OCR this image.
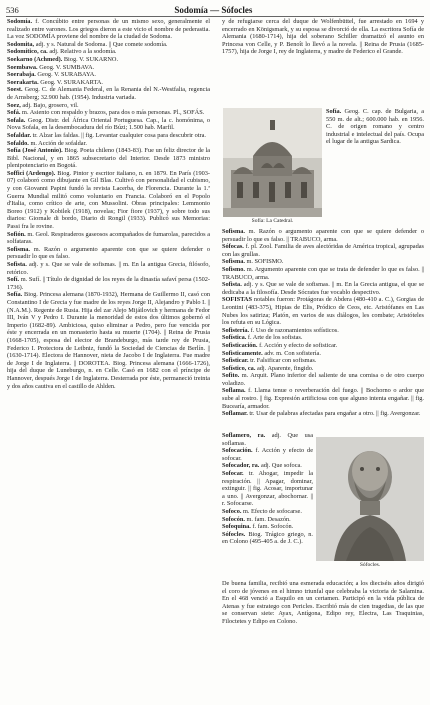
536	Sodomía — Sófocles

Sodomía. f. Concúbito entre personas de un mismo sexo, generalmente el realizado entre varones. Los griegos dieron a este vicio el nombre de pederastia. La voz SODOMÍA proviene del nombre de la ciudad de Sodoma.

Sodomita, adj. y s. Natural de Sodoma. || Que comete sodomía.

Sodomítico, ca. adj. Relativo a la sodomía.

Soekarno (Achmed). Biog. V. SUKARNO.

Soembawa. Geog. V. SUMBAVA.

Soerabaja. Geog. V. SURABAYA.

Soerakarta. Geog. V. SURAKARTA.

Soest. Geog. C. de Alemania Federal, en la Renania del N.-Westfalia, regencia de Arnsberg; 32.900 hab. (1954). Industria variada.

Soez, adj. Bajo, grosero, vil.

Sofá. m. Asiento con respaldo y brazos, para dos o más personas. Pl., SOFÁS.

Sofala. Geog. Distr. del África Oriental Portuguesa. Cap., la c. homónima, o Nova Sofala, en la desembocadura del río Búzi; 1.500 hab. Marfil.

Sofaldar. tr. Alzar las faldas. || fig. Levantar cualquier cosa para descubrir otra.

Sofaldo. m. Acción de sofaldar.

Sofía (José Antonio). Biog. Poeta chileno (1843-83). Fue un feliz director de la Bibl. Nacional, y en 1865 subsecretario del Interior. Desde 1873 ministro plenipotenciario en Bogotá.

Soffici (Ardengo). Biog. Pintor y escritor italiano, n. en 1879. En París (1903-07) colaboró como dibujante en Gil Blas. Cultivó con personalidad el cubismo, y con Giovanni Papini fundó la revista Lacerba, de Florencia. Durante la 1.ª Guerra Mundial militó como voluntario en Francia. Colaboró en el Popolo d'Italia, como crítico de arte, con Mussolini. Obras principales: Lemmonio Boreo (1912) y Kobilek (1918), novelas; Fior fiore (1937), y sobre todo sus diarios: Giornale di bordo, Diario di Rongil (1933). Publicó sus Memorias: Passi fra le rovine.

Sofión. m. Geol. Respiraderos gaseosos acompañados de fumarolas, parecidos a solfataras.

Sofisma. m. Razón o argumento aparente con que se quiere defender o persuadir lo que es falso.

Sofista. adj. y s. Que se vale de sofismas. || m. En la antigua Grecia, filósofo, retórico.

Sofí. m. Sufí. || Título de dignidad de los reyes de la dinastía safaví persa (1502-1736).

Sofía. Biog. Princesa alemana (1870-1932), Hermana de Guillermo II, casó con Constantino I de Grecia y fue madre de los reyes Jorge II, Alejandro y Pablo I. || (N.A.M.). Regente de Rusia. Hija del zar Alejo Mijáilovich y hermana de Fedor III, Iván V y Pedro I. Durante la menoridad de estos dos últimos gobernó el Imperio (1682-89). Ambiciosa, quiso eliminar a Pedro, pero fue vencida por éste y encerrada en un monasterio hasta su muerte (1704). || Reina de Prusia (1668-1705), esposa del elector de Brandeburgo, más tarde rey de Prusia, Federico I. Protectora de Leibniz, fundó la Sociedad de Ciencias de Berlín. || (1630-1714). Electora de Hannover, nieta de Jacobo I de Inglaterra. Fue madre de Jorge I de Inglaterra. || DOROTEA. Biog. Princesa alemana (1666-1726), hija del duque de Luneburgo, n. en Celle. Casó en 1682 con el príncipe de Hannover, después Jorge I de Inglaterra. Desterrada por éste, permaneció treinta y dos años cautiva en el castillo de Ahlden.

y de refugiarse cerca del duque de Wolfenbüttel, fue arrestado en 1694 y encerrado en Königsmark, y su esposa se divorció de ella. La escritora Sofía de Alemania (1680-1714), hija del soberano Schiller dramatizó el asunto en Princesa von Celle, y P. Benoît lo llevó a la novela. || Reina de Prusia (1685-1757), hija de Jorge I, rey de Inglaterra, y madre de Federico el Grande.

Sofía: La Catedral.

Sofía. Geog. C. cap. de Bulgaria, a 550 m. de alt.; 600.000 hab. en 1956. C. de origen romano y centro industrial e intelectual del país. Ocupa el lugar de la antigua Sardica.

Sofisma. m. Razón o argumento aparente con que se quiere defender o persuadir lo que es falso. || TRABUCO, arma.

Sófocas. f. pl. Zool. Familia de aves alectóridas de América tropical, agrupadas con las grullas.

Sofisma. m. SOFISMO.

Sofismo. m. Argumento aparente con que se trata de defender lo que es falso. || TRABUCO, arma.

Sofista. adj. y s. Que se vale de sofismas. || m. En la Grecia antigua, el que se dedicaba a la filosofía. Desde Sócrates fue vocablo despectivo.

SOFISTAS notables fueron: Protágoras de Abdera (480-410 a. C.), Gorgias de Leontini (483-375), Hipias de Elis, Pródico de Ceos, etc. Aristófanes en Las Nubes los satiriza; Platón, en varios de sus diálogos, les combate; Aristóteles los refuta en su Lógica.

Sofistería. f. Uso de razonamientos sofísticos.

Sofística. f. Arte de los sofistas.

Sofisticación. f. Acción y efecto de sofisticar.

Sofisticamente. adv. m. Con sofistería.

Sofisticar. tr. Falsificar con sofismas.

Sofístico, ca. adj. Aparente, fingido.

Sofito. m. Arquit. Plano inferior del saliente de una cornisa o de otro cuerpo voladizo.

Soflama. f. Llama tenue o reverberación del fuego. || Bochorno o ardor que sube al rostro. || fig. Expresión artificiosa con que alguno intenta engañar. || fig. Bucearía, armador.

Soflamar. tr. Usar de palabras afectadas para engañar a otro. || fig. Avergonzar.

Soflamero, ra. adj. Que usa soflamas.

Sofocación. f. Acción y efecto de sofocar.

Sofocador, ra. adj. Que sofoca.

Sofocar. tr. Ahogar, impedir la respiración. || Apagar, dominar, extinguir. || fig. Acosar, importunar a uno. || Avergonzar, abochornar. || r. Sofocarse.

Sofoco. m. Efecto de sofocarse.

Sofocón. m. fam. Desazón.

Sofoquina. f. fam. Sofocón.

Sófocles. Biog. Trágico griego, n. en Colono (495-405 a. de J. C.).

Sófocles.

De buena familia, recibió una esmerada educación; a los dieciséis años dirigió el coro de jóvenes en el himno triunfal que celebraba la victoria de Salamina. En el 468 venció a Esquilo en un certamen. Participó en la vida pública de Atenas y fue estratego con Pericles. Escribió más de cien tragedias, de las que se conservan siete: Ayax, Antígona, Edipo rey, Electra, Las Traquinias, Filoctetes y Edipo en Colono.
